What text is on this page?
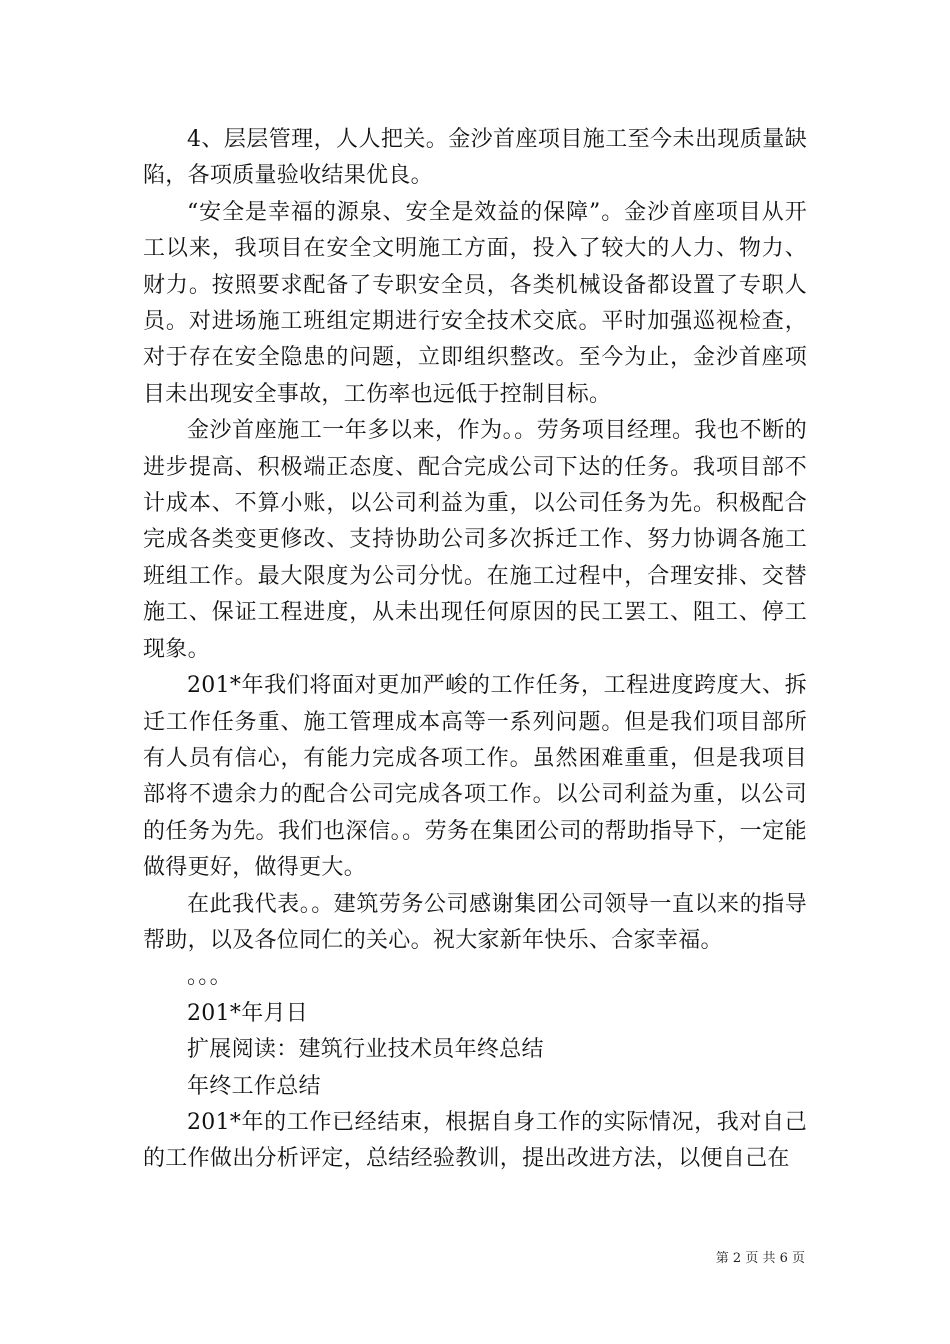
4、层层管理，人人把关。金沙首座项目施工至今未出现质量缺陷，各项质量验收结果优良。

“安全是幸福的源泉、安全是效益的保障”。金沙首座项目从开工以来，我项目在安全文明施工方面，投入了较大的人力、物力、财力。按照要求配备了专职安全员，各类机械设备都设置了专职人员。对进场施工班组定期进行安全技术交底。平时加强巡视检查，对于存在安全隐患的问题，立即组织整改。至今为止，金沙首座项目未出现安全事故，工伤率也远低于控制目标。

金沙首座施工一年多以来，作为。。劳务项目经理。我也不断的进步提高、积极端正态度、配合完成公司下达的任务。我项目部不计成本、不算小账，以公司利益为重，以公司任务为先。积极配合完成各类变更修改、支持协助公司多次拆迁工作、努力协调各施工班组工作。最大限度为公司分忧。在施工过程中，合理安排、交替施工、保证工程进度，从未出现任何原因的民工罢工、阻工、停工现象。

201*年我们将面对更加严峻的工作任务，工程进度跨度大、拆迁工作任务重、施工管理成本高等一系列问题。但是我们项目部所有人员有信心，有能力完成各项工作。虽然困难重重，但是我项目部将不遗余力的配合公司完成各项工作。以公司利益为重，以公司的任务为先。我们也深信。。劳务在集团公司的帮助指导下，一定能做得更好，做得更大。

在此我代表。。建筑劳务公司感谢集团公司领导一直以来的指导帮助，以及各位同仁的关心。祝大家新年快乐、合家幸福。

。。。

201*年月日

扩展阅读：建筑行业技术员年终总结

年终工作总结

201*年的工作已经结束，根据自身工作的实际情况，我对自己的工作做出分析评定，总结经验教训，提出改进方法，以便自己在

第 2 页 共 6 页
